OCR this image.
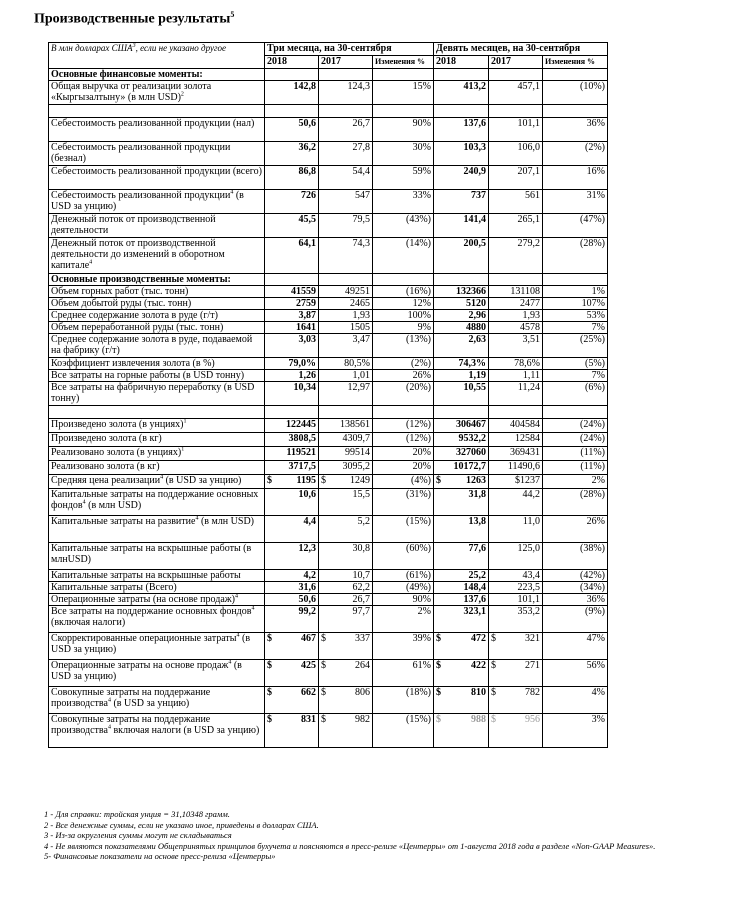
Производственные результаты$^5$
В млн долларах США$^3$, если не указано другое	Три месяца, на 30-сентября			Девять месяцев, на 30-сентября		
	2018	2017	Изменения %	2018	2017	Изменения %
Основные финансовые моменты:						
Общая выручка от реализации золота «Кыргызалтыну» (в млн USD)$^2$	142,8	124,3	15%	413,2	457,1	(10%)

Себестоимость реализованной продукции (нал)	50,6	26,7	90%	137,6	101,1	36%
Себестоимость реализованной продукции (безнал)	36,2	27,8	30%	103,3	106,0	(2%)
Себестоимость реализованной продукции (всего)	86,8	54,4	59%	240,9	207,1	16%
Себестоимость реализованной продукции$^4$ (в USD за унцию)	726	547	33%	737	561	31%
Денежный поток от производственной деятельности	45,5	79,5	(43%)	141,4	265,1	(47%)
Денежный поток от производственной деятельности до изменений в оборотном капитале$^4$	64,1	74,3	(14%)	200,5	279,2	(28%)
Основные производственные моменты:						
Объем горных работ (тыс. тонн)	41559	49251	(16%)	132366	131108	1%
Объем добытой руды (тыс. тонн)	2759	2465	12%	5120	2477	107%
Среднее содержание золота в руде (г/т)	3,87	1,93	100%	2,96	1,93	53%
Объем переработанной руды (тыс. тонн)	1641	1505	9%	4880	4578	7%
Среднее содержание золота в руде, подаваемой на фабрику (г/т)	3,03	3,47	(13%)	2,63	3,51	(25%)
Коэффициент извлечения золота (в %)	79,0%	80,5%	(2%)	74,3%	78,6%	(5%)
Все затраты на горные работы (в USD тонну)	1,26	1,01	26%	1,19	1,11	7%
Все затраты на фабричную переработку (в USD тонну)	10,34	12,97	(20%)	10,55	11,24	(6%)

Произведено золота (в унциях)$^1$	122445	138561	(12%)	306467	404584	(24%)
Произведено золота (в кг)	3808,5	4309,7	(12%)	9532,2	12584	(24%)
Реализовано золота (в унциях)$^1$	119521	99514	20%	327060	369431	(11%)
Реализовано золота (в кг)	3717,5	3095,2	20%	10172,7	11490,6	(11%)
Средняя цена реализации$^4$ (в USD за унцию)	$ 1195	$ 1249	(4%)	$ 1263	$1237	2%
Капитальные затраты на поддержание основных фондов$^4$ (в млн USD)	10,6	15,5	(31%)	31,8	44,2	(28%)
Капитальные затраты на развитие$^4$ (в млн USD)	4,4	5,2	(15%)	13,8	11,0	26%
Капитальные затраты на вскрышные работы (в млнUSD)	12,3	30,8	(60%)	77,6	125,0	(38%)
Капитальные затраты на вскрышные работы	4,2	10,7	(61%)	25,2	43,4	(42%)
Капитальные затраты (Всего)	31,6	62,2	(49%)	148,4	223,5	(34%)
Операционные затраты (на основе продаж)$^4$	50,6	26,7	90%	137,6	101,1	36%
Все затраты на поддержание основных фондов$^4$ (включая налоги)	99,2	97,7	2%	323,1	353,2	(9%)
Скорректированные операционные затраты$^4$ (в USD за унцию)	$ 467	$ 337	39%	$ 472	$ 321	47%
Операционные затраты на основе продаж$^4$ (в USD за унцию)	$ 425	$ 264	61%	$ 422	$ 271	56%
Совокупные затраты на поддержание производства$^4$ (в USD за унцию)	$ 662	$ 806	(18%)	$ 810	$ 782	4%
Совокупные затраты на поддержание производства$^4$ включая налоги (в USD за унцию)	$ 831	$ 982	(15%)	$ 988	$ 956	3%
1 - Для справки: тройская унция = 31,10348 грамм.
2 - Все денежные суммы, если не указано иное, приведены в долларах США.
3 - Из-за округления суммы могут не складываться
4 - Не являются показателями Общепринятых принципов бухучета и поясняются в пресс-релизе «Центерры» от 1-августа 2018 года в разделе «Non-GAAP Measures».
5- Финансовые показатели на основе пресс-релиза «Центерры»
